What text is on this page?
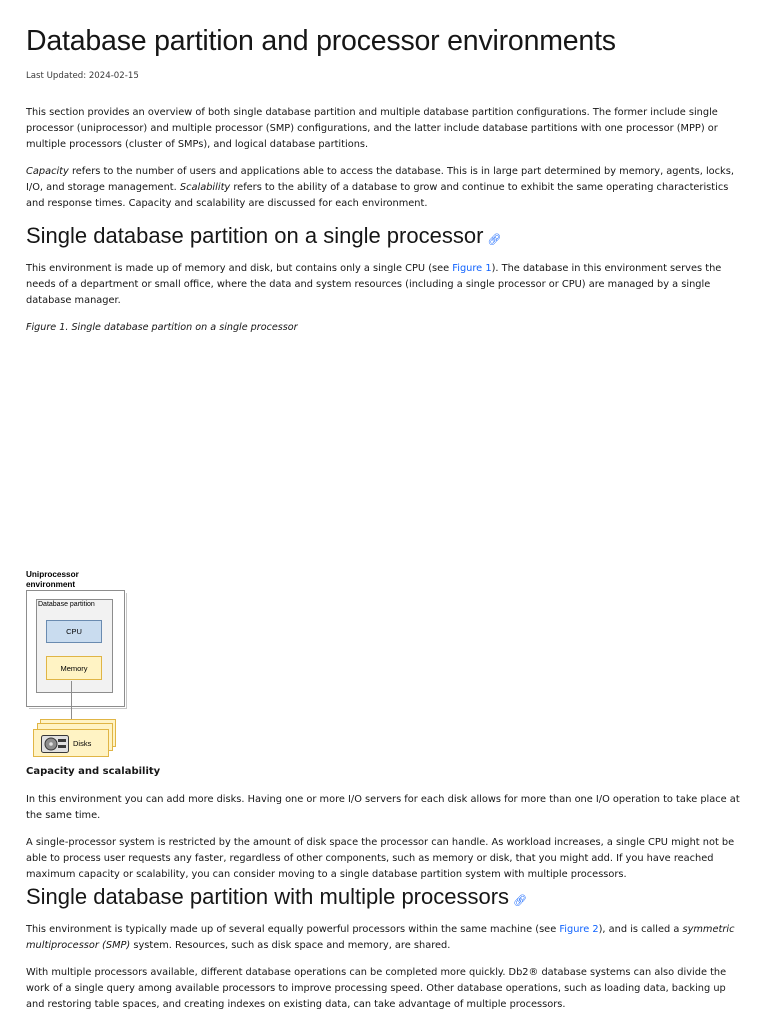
Database partition and processor environments
Last Updated: 2024-02-15

This section provides an overview of both single database partition and multiple database partition configurations. The former include single processor (uniprocessor) and multiple processor (SMP) configurations, and the latter include database partitions with one processor (MPP) or multiple processors (cluster of SMPs), and logical database partitions.

Capacity refers to the number of users and applications able to access the database. This is in large part determined by memory, agents, locks, I/O, and storage management. Scalability refers to the ability of a database to grow and continue to exhibit the same operating characteristics and response times. Capacity and scalability are discussed for each environment.

Single database partition on a single processor 🔗︎

This environment is made up of memory and disk, but contains only a single CPU (see Figure 1). The database in this environment serves the needs of a department or small office, where the data and system resources (including a single processor or CPU) are managed by a single database manager.

Figure 1. Single database partition on a single processor
Uniprocessor
environment
Database partition
CPU
Memory
Disks
Capacity and scalability

In this environment you can add more disks. Having one or more I/O servers for each disk allows for more than one I/O operation to take place at the same time.

A single-processor system is restricted by the amount of disk space the processor can handle. As workload increases, a single CPU might not be able to process user requests any faster, regardless of other components, such as memory or disk, that you might add. If you have reached maximum capacity or scalability, you can consider moving to a single database partition system with multiple processors.

Single database partition with multiple processors 🔗︎

This environment is typically made up of several equally powerful processors within the same machine (see Figure 2), and is called a symmetric multiprocessor (SMP) system. Resources, such as disk space and memory, are shared.

With multiple processors available, different database operations can be completed more quickly. Db2® database systems can also divide the work of a single query among available processors to improve processing speed. Other database operations, such as loading data, backing up and restoring table spaces, and creating indexes on existing data, can take advantage of multiple processors.
